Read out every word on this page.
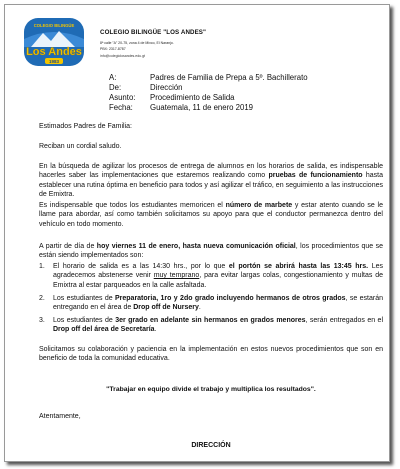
COLEGIO BILINGÜE
Los Andes
1983
COLEGIO BILINGÜE "LOS ANDES"
8ª calle "A" 20-75, zona 4 de Mixco, El Naranjo.
PBX: 2317-8787
info@colegiolosandes.edu.gt
A:	Padres de Familia de Prepa a 5º. Bachillerato
De:	Dirección
Asunto:	Procedimiento de Salida
Fecha:	Guatemala, 11 de enero 2019
Estimados Padres de Familia:
Reciban un cordial saludo.
En la búsqueda de agilizar los procesos de entrega de alumnos en los horarios de salida, es indispensable hacerles saber las implementaciones que estaremos realizando como pruebas de funcionamiento hasta establecer una rutina óptima en beneficio para todos y así agilizar el tráfico, en seguimiento a las instrucciones de Emixtra.
Es indispensable que todos los estudiantes memoricen el número de marbete y estar atento cuando se le llame para abordar, así como también solicitamos su apoyo para que el conductor permanezca dentro del vehículo en todo momento.
A partir de día de hoy viernes 11 de enero, hasta nueva comunicación oficial, los procedimientos que se están siendo implementados son:
1.	El horario de salida es a las 14:30 hrs., por lo que el portón se abrirá hasta las 13:45 hrs. Les agradecemos abstenerse venir muy temprano, para evitar largas colas, congestionamiento y multas de Emixtra al estar parqueados en la calle asfaltada.
2.	Los estudiantes de Preparatoria, 1ro y 2do grado incluyendo hermanos de otros grados, se estarán entregando en el área de Drop off de Nursery.
3.	Los estudiantes de 3er grado en adelante sin hermanos en grados menores, serán entregados en el Drop off del área de Secretaría.
Solicitamos su colaboración y paciencia en la implementación en estos nuevos procedimientos que son en beneficio de toda la comunidad educativa.
"Trabajar en equipo divide el trabajo y multiplica los resultados".
Atentamente,
DIRECCIÓN
